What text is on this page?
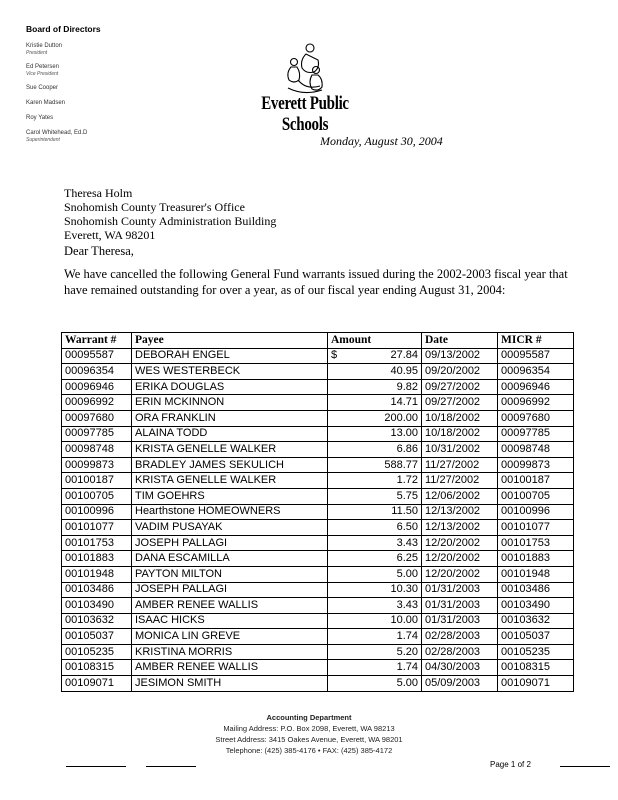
Board of Directors
Kristie Dutton
President
Ed Petersen
Vice President
Sue Cooper
Karen Madsen
Roy Yates
Carol Whitehead, Ed.D
Superintendent
Everett Public Schools
Monday, August 30, 2004
Theresa Holm
Snohomish County Treasurer's Office
Snohomish County Administration Building
Everett, WA 98201
Dear Theresa,
We have cancelled the following General Fund warrants issued during the 2002-2003 fiscal year that have remained outstanding for over a year, as of our fiscal year ending August 31, 2004:
Warrant #	Payee	Amount	Date	MICR #
00095587	DEBORAH ENGEL	$ 27.84	09/13/2002	00095587
00096354	WES WESTERBECK	40.95	09/20/2002	00096354
00096946	ERIKA DOUGLAS	9.82	09/27/2002	00096946
00096992	ERIN MCKINNON	14.71	09/27/2002	00096992
00097680	ORA FRANKLIN	200.00	10/18/2002	00097680
00097785	ALAINA TODD	13.00	10/18/2002	00097785
00098748	KRISTA GENELLE WALKER	6.86	10/31/2002	00098748
00099873	BRADLEY JAMES SEKULICH	588.77	11/27/2002	00099873
00100187	KRISTA GENELLE WALKER	1.72	11/27/2002	00100187
00100705	TIM GOEHRS	5.75	12/06/2002	00100705
00100996	Hearthstone HOMEOWNERS	11.50	12/13/2002	00100996
00101077	VADIM PUSAYAK	6.50	12/13/2002	00101077
00101753	JOSEPH PALLAGI	3.43	12/20/2002	00101753
00101883	DANA ESCAMILLA	6.25	12/20/2002	00101883
00101948	PAYTON MILTON	5.00	12/20/2002	00101948
00103486	JOSEPH PALLAGI	10.30	01/31/2003	00103486
00103490	AMBER RENEE WALLIS	3.43	01/31/2003	00103490
00103632	ISAAC HICKS	10.00	01/31/2003	00103632
00105037	MONICA LIN GREVE	1.74	02/28/2003	00105037
00105235	KRISTINA MORRIS	5.20	02/28/2003	00105235
00108315	AMBER RENEE WALLIS	1.74	04/30/2003	00108315
00109071	JESIMON SMITH	5.00	05/09/2003	00109071
Accounting Department
Mailing Address: P.O. Box 2098, Everett, WA 98213
Street Address: 3415 Oakes Avenue, Everett, WA 98201
Telephone: (425) 385-4176 • FAX: (425) 385-4172
Page 1 of 2
